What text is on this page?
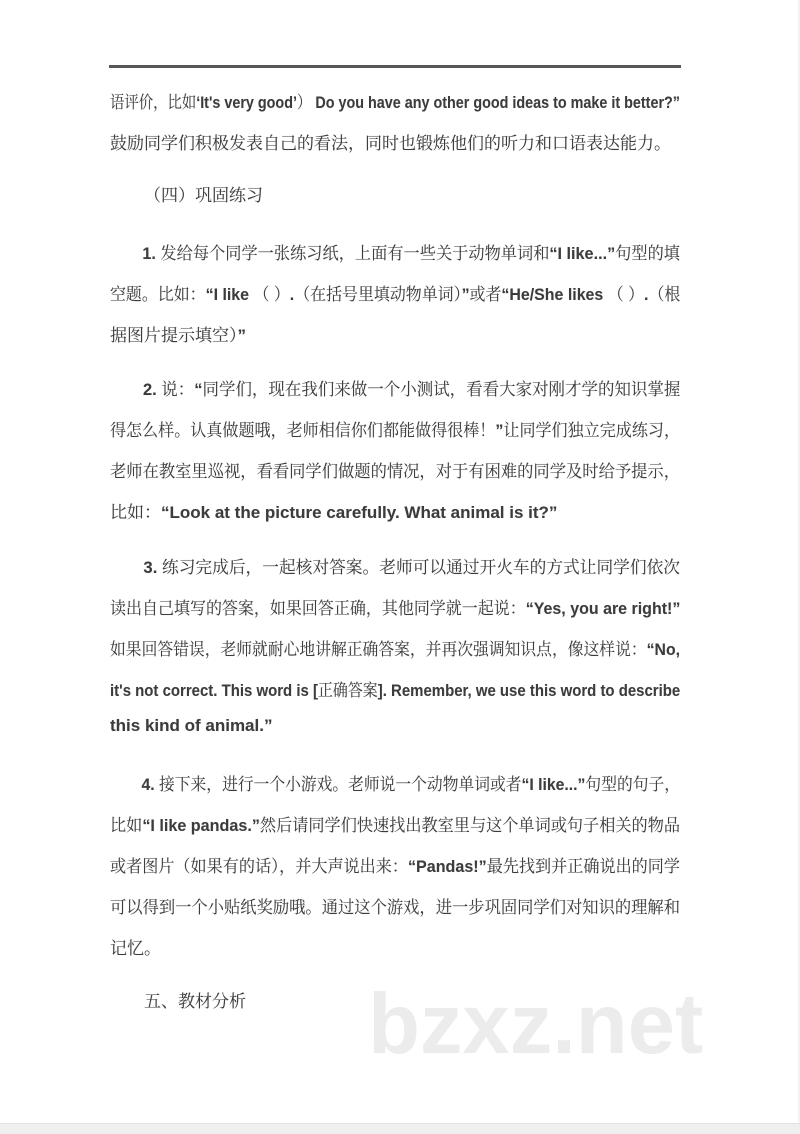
bzxz.net
语评价，比如‘It's very good’） Do you have any other good ideas to make it better?”
鼓励同学们积极发表自己的看法，同时也锻炼他们的听力和口语表达能力。
（四）巩固练习
1. 发给每个同学一张练习纸，上面有一些关于动物单词和“I like...”句型的填
空题。比如：“I like （ ）.（在括号里填动物单词）”或者“He/She likes （ ）.（根
据图片提示填空）”
2. 说：“同学们，现在我们来做一个小测试，看看大家对刚才学的知识掌握
得怎么样。认真做题哦，老师相信你们都能做得很棒！”让同学们独立完成练习，
老师在教室里巡视，看看同学们做题的情况，对于有困难的同学及时给予提示，
比如：“Look at the picture carefully. What animal is it?”
3. 练习完成后，一起核对答案。老师可以通过开火车的方式让同学们依次
读出自己填写的答案，如果回答正确，其他同学就一起说：“Yes, you are right!”
如果回答错误，老师就耐心地讲解正确答案，并再次强调知识点，像这样说：“No,
it's not correct. This word is [正确答案]. Remember, we use this word to describe
this kind of animal.”
4. 接下来，进行一个小游戏。老师说一个动物单词或者“I like...”句型的句子，
比如“I like pandas.”然后请同学们快速找出教室里与这个单词或句子相关的物品
或者图片（如果有的话），并大声说出来：“Pandas!”最先找到并正确说出的同学
可以得到一个小贴纸奖励哦。通过这个游戏，进一步巩固同学们对知识的理解和
记忆。
五、教材分析
